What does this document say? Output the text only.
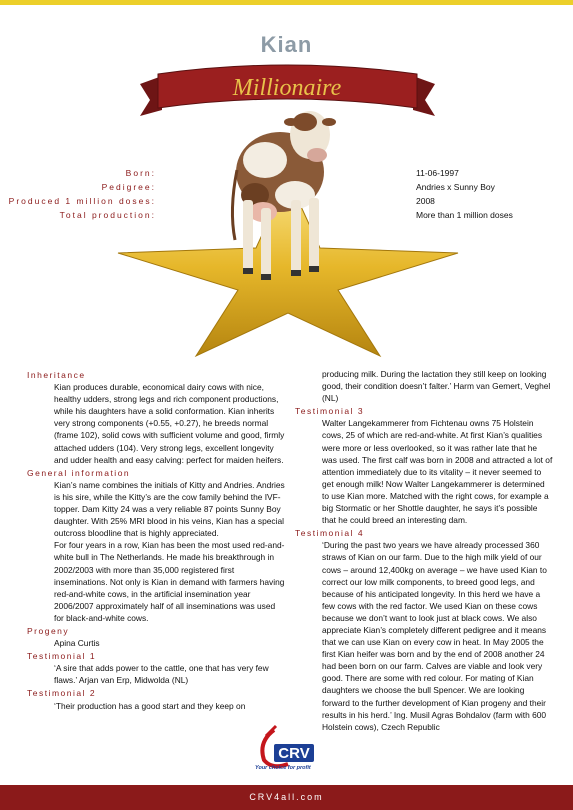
Kian
Millionaire
Born:
Pedigree:
Produced 1 million doses:
Total production:
11-06-1997
Andries x Sunny Boy
2008
More than 1 million doses
Inheritance
Kian produces durable, economical dairy cows with nice, healthy udders, strong legs and rich component productions, while his daughters have a solid conformation. Kian inherits very strong components (+0.55, +0.27), he breeds normal (frame 102), solid cows with sufficient volume and good, firmly attached udders (104). Very strong legs, excellent longevity and udder health and easy calving: perfect for maiden heifers.
General information
Kian’s name combines the initials of Kitty and Andries. Andries is his sire, while the Kitty’s are the cow family behind the IVF-topper. Dam Kitty 24 was a very reliable 87 points Sunny Boy daughter. With 25% MRI blood in his veins, Kian has a special outcross bloodline that is highly appreciated.
For four years in a row, Kian has been the most used red-and-white bull in The Netherlands. He made his breakthrough in 2002/2003 with more than 35,000 registered first inseminations. Not only is Kian in demand with farmers having red-and-white cows, in the artificial insemination year 2006/2007 approximately half of all inseminations was used for black-and-white cows.
Progeny
Apina Curtis
Testimonial 1
‘A sire that adds power to the cattle, one that has very few flaws.’ Arjan van Erp, Midwolda (NL)
Testimonial 2
‘Their production has a good start and they keep on
producing milk. During the lactation they still keep on looking good, their condition doesn’t falter.’ Harm van Gemert, Veghel (NL)
Testimonial 3
Walter Langekammerer from Fichtenau owns 75 Holstein cows, 25 of which are red-and-white. At first Kian’s qualities were more or less overlooked, so it was rather late that he was used. The first calf was born in 2008 and attracted a lot of attention immediately due to its vitality – it never seemed to get enough milk! Now Walter Langekammerer is determined to use Kian more. Matched with the right cows, for example a big Stormatic or her Shottle daughter, he says it’s possible that he could breed an interesting dam.
Testimonial 4
‘During the past two years we have already processed 360 straws of Kian on our farm. Due to the high milk yield of our cows – around 12,400kg on average – we have used Kian to correct our low milk components, to breed good legs, and because of his anticipated longevity. In this herd we have a few cows with the red factor. We used Kian on these cows because we don’t want to look just at black cows. We also appreciate Kian’s completely different pedigree and it means that we can use Kian on every cow in heat. In May 2005 the first Kian heifer was born and by the end of 2008 another 24 had been born on our farm. Calves are viable and look very good. There are some with red colour. For mating of Kian daughters we choose the bull Spencer. We are looking forward to the further development of Kian progeny and their results in his herd.’ Ing. Musil Agras Bohdalov (farm with 600 Holstein cows), Czech Republic
CRV
Your choice for profit
CRV4all.com
